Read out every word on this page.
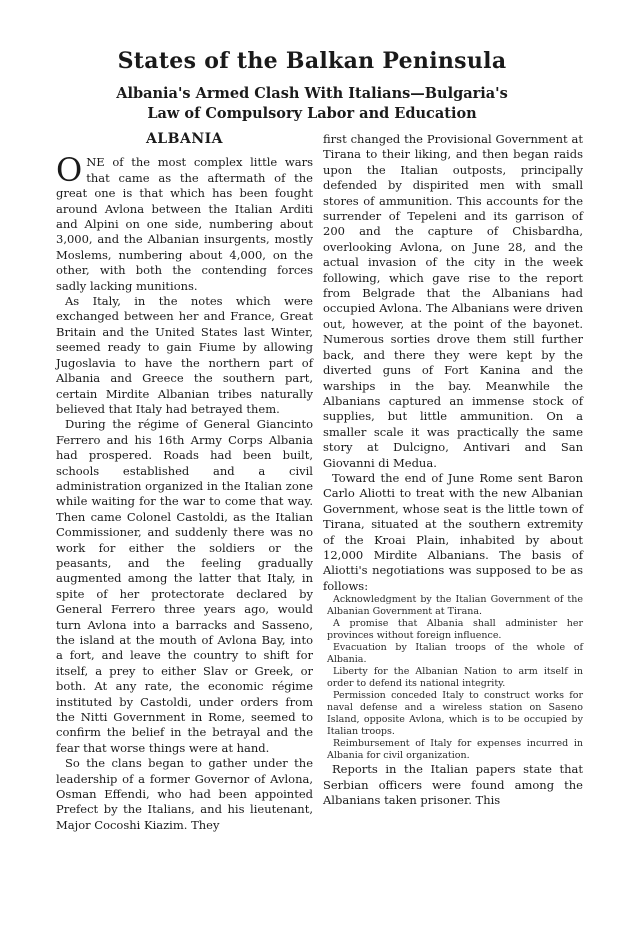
States of the Balkan Peninsula
Albania's Armed Clash With Italians—Bulgaria's Law of Compulsory Labor and Education
ALBANIA

ONE of the most complex little wars that came as the aftermath of the great one is that which has been fought around Avlona between the Italian Arditi and Alpini on one side, numbering about 3,000, and the Albanian insurgents, mostly Moslems, numbering about 4,000, on the other, with both the contending forces sadly lacking munitions.

As Italy, in the notes which were exchanged between her and France, Great Britain and the United States last Winter, seemed ready to gain Fiume by allowing Jugoslavia to have the northern part of Albania and Greece the southern part, certain Mirdite Albanian tribes naturally believed that Italy had betrayed them.

During the régime of General Giancinto Ferrero and his 16th Army Corps Albania had prospered. Roads had been built, schools established and a civil administration organized in the Italian zone while waiting for the war to come that way. Then came Colonel Castoldi, as the Italian Commissioner, and suddenly there was no work for either the soldiers or the peasants, and the feeling gradually augmented among the latter that Italy, in spite of her protectorate declared by General Ferrero three years ago, would turn Avlona into a barracks and Sasseno, the island at the mouth of Avlona Bay, into a fort, and leave the country to shift for itself, a prey to either Slav or Greek, or both. At any rate, the economic régime instituted by Castoldi, under orders from the Nitti Government in Rome, seemed to confirm the belief in the betrayal and the fear that worse things were at hand.

So the clans began to gather under the leadership of a former Governor of Avlona, Osman Effendi, who had been appointed Prefect by the Italians, and his lieutenant, Major Cocoshi Kiazim. They

first changed the Provisional Government at Tirana to their liking, and then began raids upon the Italian outposts, principally defended by dispirited men with small stores of ammunition. This accounts for the surrender of Tepeleni and its garrison of 200 and the capture of Chisbardha, overlooking Avlona, on June 28, and the actual invasion of the city in the week following, which gave rise to the report from Belgrade that the Albanians had occupied Avlona. The Albanians were driven out, however, at the point of the bayonet. Numerous sorties drove them still further back, and there they were kept by the diverted guns of Fort Kanina and the warships in the bay. Meanwhile the Albanians captured an immense stock of supplies, but little ammunition. On a smaller scale it was practically the same story at Dulcigno, Antivari and San Giovanni di Medua.

Toward the end of June Rome sent Baron Carlo Aliotti to treat with the new Albanian Government, whose seat is the little town of Tirana, situated at the southern extremity of the Kroai Plain, inhabited by about 12,000 Mirdite Albanians. The basis of Aliotti's negotiations was supposed to be as follows:

Acknowledgment by the Italian Government of the Albanian Government at Tirana.

A promise that Albania shall administer her provinces without foreign influence.

Evacuation by Italian troops of the whole of Albania.

Liberty for the Albanian Nation to arm itself in order to defend its national integrity.

Permission conceded Italy to construct works for naval defense and a wireless station on Saseno Island, opposite Avlona, which is to be occupied by Italian troops.

Reimbursement of Italy for expenses incurred in Albania for civil organization.

Reports in the Italian papers state that Serbian officers were found among the Albanians taken prisoner. This
